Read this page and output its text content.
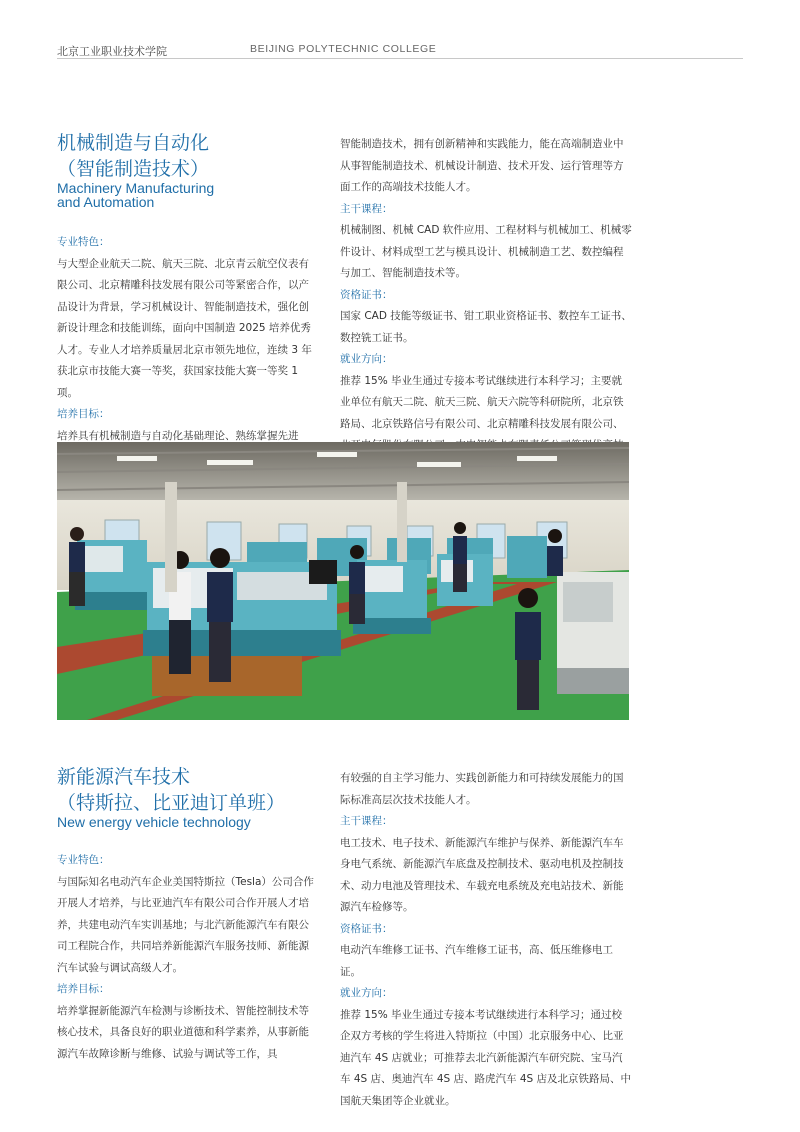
北京工业职业技术学院	BEIJING POLYTECHNIC COLLEGE
机械制造与自动化
（智能制造技术）
Machinery Manufacturing
and Automation

专业特色：

与大型企业航天二院、航天三院、北京青云航空仪表有限公司、北京精雕科技发展有限公司等紧密合作，以产品设计为背景，学习机械设计、智能制造技术，强化创新设计理念和技能训练，面向中国制造 2025 培养优秀人才。专业人才培养质量居北京市领先地位，连续 3 年获北京市技能大赛一等奖，获国家技能大赛一等奖 1 项。

培养目标：

培养具有机械制造与自动化基础理论、熟练掌握先进

智能制造技术，拥有创新精神和实践能力，能在高端制造业中从事智能制造技术、机械设计制造、技术开发、运行管理等方面工作的高端技术技能人才。

主干课程：

机械制图、机械 CAD 软件应用、工程材料与机械加工、机械零件设计、材料成型工艺与模具设计、机械制造工艺、数控编程与加工、智能制造技术等。

资格证书：

国家 CAD 技能等级证书、钳工职业资格证书、数控车工证书、数控铣工证书。

就业方向：

推荐 15% 毕业生通过专接本考试继续进行本科学习；主要就业单位有航天二院、航天三院、航天六院等科研院所，北京铁路局、北京铁路信号有限公司、北京精雕科技发展有限公司、

新能源汽车技术
（特斯拉、比亚迪订单班）
New energy vehicle technology

专业特色：

与国际知名电动汽车企业美国特斯拉（Tesla）公司合作开展人才培养，与比亚迪汽车有限公司合作开展人才培养，共建电动汽车实训基地；与北汽新能源汽车有限公司工程院合作，共同培养新能源汽车服务技师、新能源汽车试验与调试高级人才。

培养目标：

培养掌握新能源汽车检测与诊断技术、智能控制技术等核心技术，具备良好的职业道德和科学素养，从事新能源汽车故障诊断与维修、试验与调试等工作，具

有较强的自主学习能力、实践创新能力和可持续发展能力的国际标准高层次技术技能人才。

主干课程：

电工技术、电子技术、新能源汽车维护与保养、新能源汽车车身电气系统、新能源汽车底盘及控制技术、驱动电机及控制技术、动力电池及管理技术、车载充电系统及充电站技术、新能源汽车检修等。

资格证书：

电动汽车维修工证书、汽车维修工证书，高、低压维修电工证。

就业方向：

推荐 15% 毕业生通过专接本考试继续进行本科学习；通过校企双方考核的学生将进入特斯拉（中国）北京服务中心、比亚迪汽车 4S 店就业；可推荐去北汽新能源汽车研究院、宝马汽车 4S 店、奥迪汽车 4S 店、路虎汽车 4S 店及北京铁路局、中国航天集团等企业就业。
